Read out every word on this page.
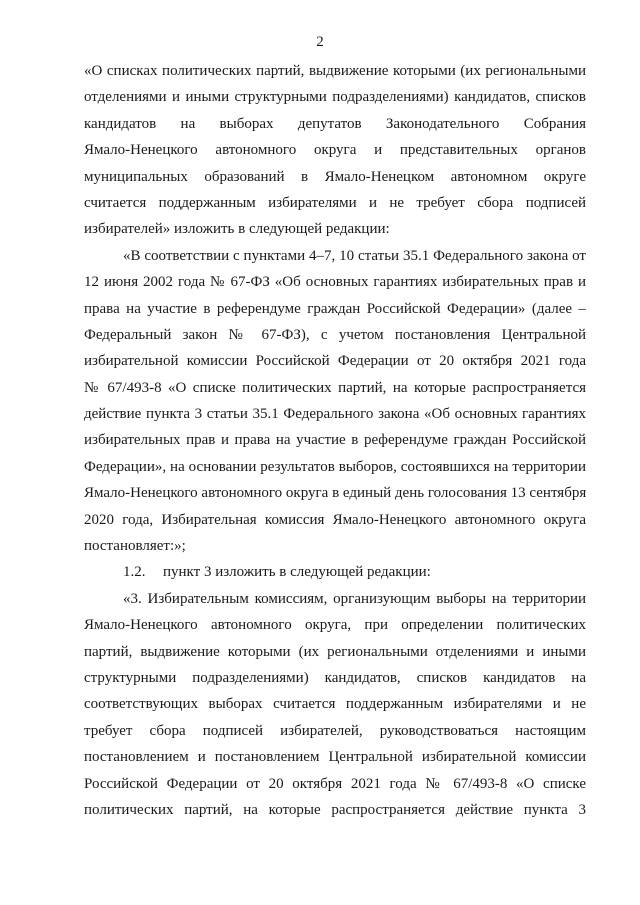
2
«О списках политических партий, выдвижение которыми (их региональными
отделениями и иными структурными подразделениями) кандидатов, списков
кандидатов на выборах депутатов Законодательного Собрания
Ямало-Ненецкого автономного округа и представительных органов
муниципальных образований в Ямало-Ненецком автономном округе
считается поддержанным избирателями и не требует сбора подписей
избирателей» изложить в следующей редакции:
«В соответствии с пунктами 4–7, 10 статьи 35.1 Федерального закона от
12 июня 2002 года № 67-ФЗ «Об основных гарантиях избирательных прав и
права на участие в референдуме граждан Российской Федерации» (далее –
Федеральный закон № 67-ФЗ), с учетом постановления Центральной
избирательной комиссии Российской Федерации от 20 октября 2021 года
№ 67/493-8 «О списке политических партий, на которые распространяется
действие пункта 3 статьи 35.1 Федерального закона «Об основных гарантиях
избирательных прав и права на участие в референдуме граждан Российской
Федерации», на основании результатов выборов, состоявшихся на территории
Ямало-Ненецкого автономного округа в единый день голосования 13 сентября
2020 года, Избирательная комиссия Ямало-Ненецкого автономного округа
постановляет:»;
1.2. пункт 3 изложить в следующей редакции:
«3. Избирательным комиссиям, организующим выборы на территории
Ямало-Ненецкого автономного округа, при определении политических
партий, выдвижение которыми (их региональными отделениями и иными
структурными подразделениями) кандидатов, списков кандидатов на
соответствующих выборах считается поддержанным избирателями и не
требует сбора подписей избирателей, руководствоваться настоящим
постановлением и постановлением Центральной избирательной комиссии
Российской Федерации от 20 октября 2021 года № 67/493-8 «О списке
политических партий, на которые распространяется действие пункта 3
